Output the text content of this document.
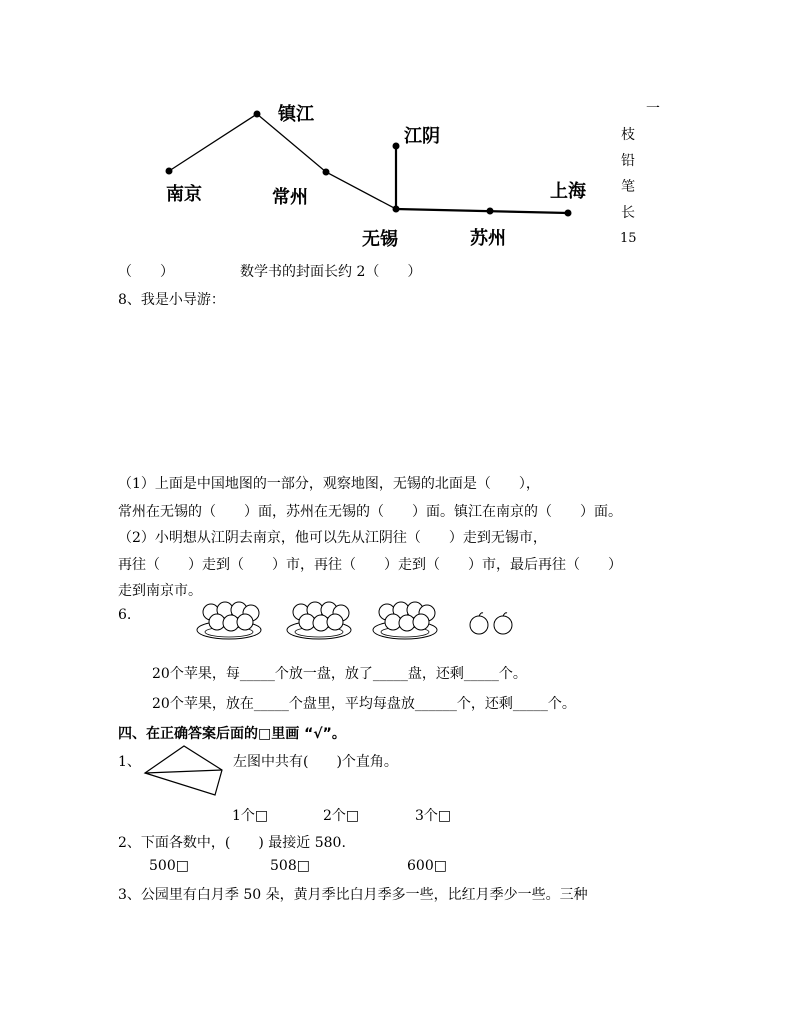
镇江
南京	常州
江阴
无锡	苏州
上海
一
枝
铅
笔
长
15
（　　）	数学书的封面长约 2（　　）
8、我是小导游：
（1）上面是中国地图的一部分，观察地图，无锡的北面是（　　），
常州在无锡的（　　）面，苏州在无锡的（　　）面。镇江在南京的（　　）面。
（2）小明想从江阴去南京，他可以先从江阴往（　　）走到无锡市，
再往（　　）走到（　　）市，再往（　　）走到（　　）市，最后再往（　　）
走到南京市。
6.
20个苹果，每_____个放一盘，放了_____盘，还剩_____个。
20个苹果，放在_____个盘里，平均每盘放______个，还剩_____个。
四、在正确答案后面的□里画 “√”。
1、	左图中共有(　　)个直角。
1个□	2个□	3个□
2、下面各数中，(　　) 最接近 580.
500□	508□	600□
3、公园里有白月季 50 朵，黄月季比白月季多一些，比红月季少一些。三种
